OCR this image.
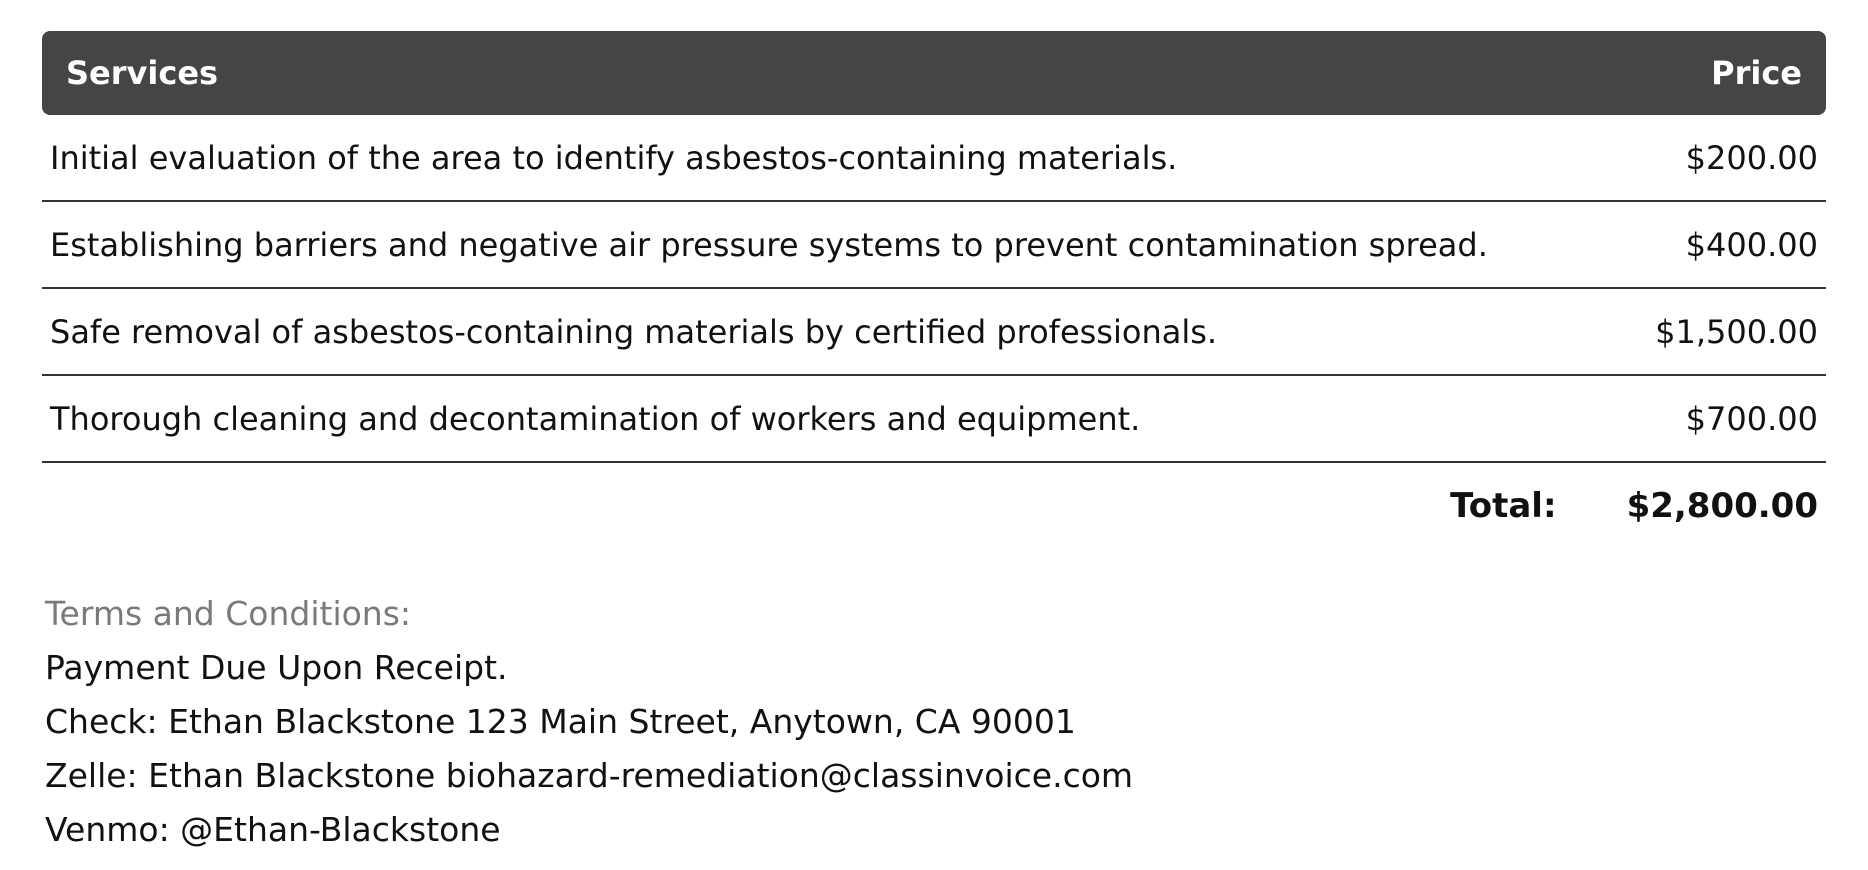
Services	Price
Initial evaluation of the area to identify asbestos-containing materials.	$200.00
Establishing barriers and negative air pressure systems to prevent contamination spread.	$400.00
Safe removal of asbestos-containing materials by certified professionals.	$1,500.00
Thorough cleaning and decontamination of workers and equipment.	$700.00
Total: $2,800.00
Terms and Conditions:
Payment Due Upon Receipt.
Check: Ethan Blackstone 123 Main Street, Anytown, CA 90001
Zelle: Ethan Blackstone biohazard-remediation@classinvoice.com
Venmo: @Ethan-Blackstone
